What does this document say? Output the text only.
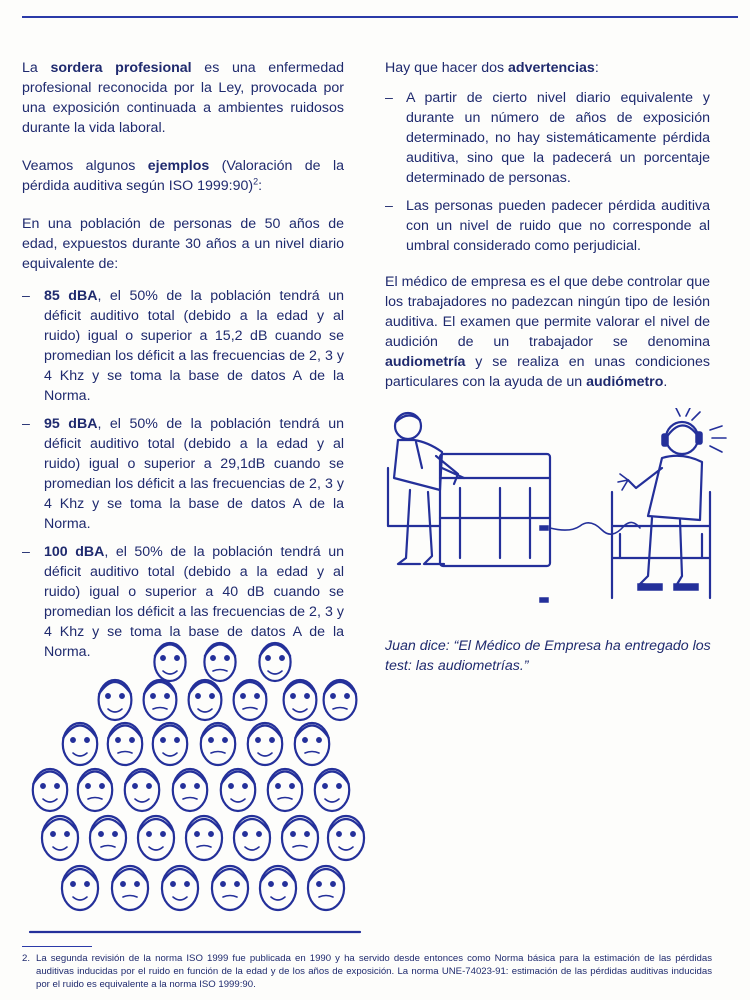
La sordera profesional es una enfermedad profesional reconocida por la Ley, provocada por una exposición continuada a ambientes ruidosos durante la vida laboral.

Veamos algunos ejemplos (Valoración de la pérdida auditiva según ISO 1999:90)$^2$:

En una población de personas de 50 años de edad, expuestos durante 30 años a un nivel diario equivalente de:

– 85 dBA, el 50% de la población tendrá un déficit auditivo total (debido a la edad y al ruido) igual o superior a 15,2 dB cuando se promedian los déficit a las frecuencias de 2, 3 y 4 Khz y se toma la base de datos A de la Norma.
– 95 dBA, el 50% de la población tendrá un déficit auditivo total (debido a la edad y al ruido) igual o superior a 29,1dB cuando se promedian los déficit a las frecuencias de 2, 3 y 4 Khz y se toma la base de datos A de la Norma.
– 100 dBA, el 50% de la población tendrá un déficit auditivo total (debido a la edad y al ruido) igual o superior a 40 dB cuando se promedian los déficit a las frecuencias de 2, 3 y 4 Khz y se toma la base de datos A de la Norma.

Hay que hacer dos advertencias:

– A partir de cierto nivel diario equivalente y durante un número de años de exposición determinado, no hay sistemáticamente pérdida auditiva, sino que la padecerá un porcentaje determinado de personas.
– Las personas pueden padecer pérdida auditiva con un nivel de ruido que no corresponde al umbral considerado como perjudicial.

El médico de empresa es el que debe controlar que los trabajadores no padezcan ningún tipo de lesión auditiva. El examen que permite valorar el nivel de audición de un trabajador se denomina audiometría y se realiza en unas condiciones particulares con la ayuda de un audiómetro.

Juan dice: “El Médico de Empresa ha entregado los test: las audiometrías.”
2. La segunda revisión de la norma ISO 1999 fue publicada en 1990 y ha servido desde entonces como Norma básica para la estimación de las pérdidas auditivas inducidas por el ruido en función de la edad y de los años de exposición. La norma UNE-74023-91: estimación de las pérdidas auditivas inducidas por el ruido es equivalente a la norma ISO 1999:90.
